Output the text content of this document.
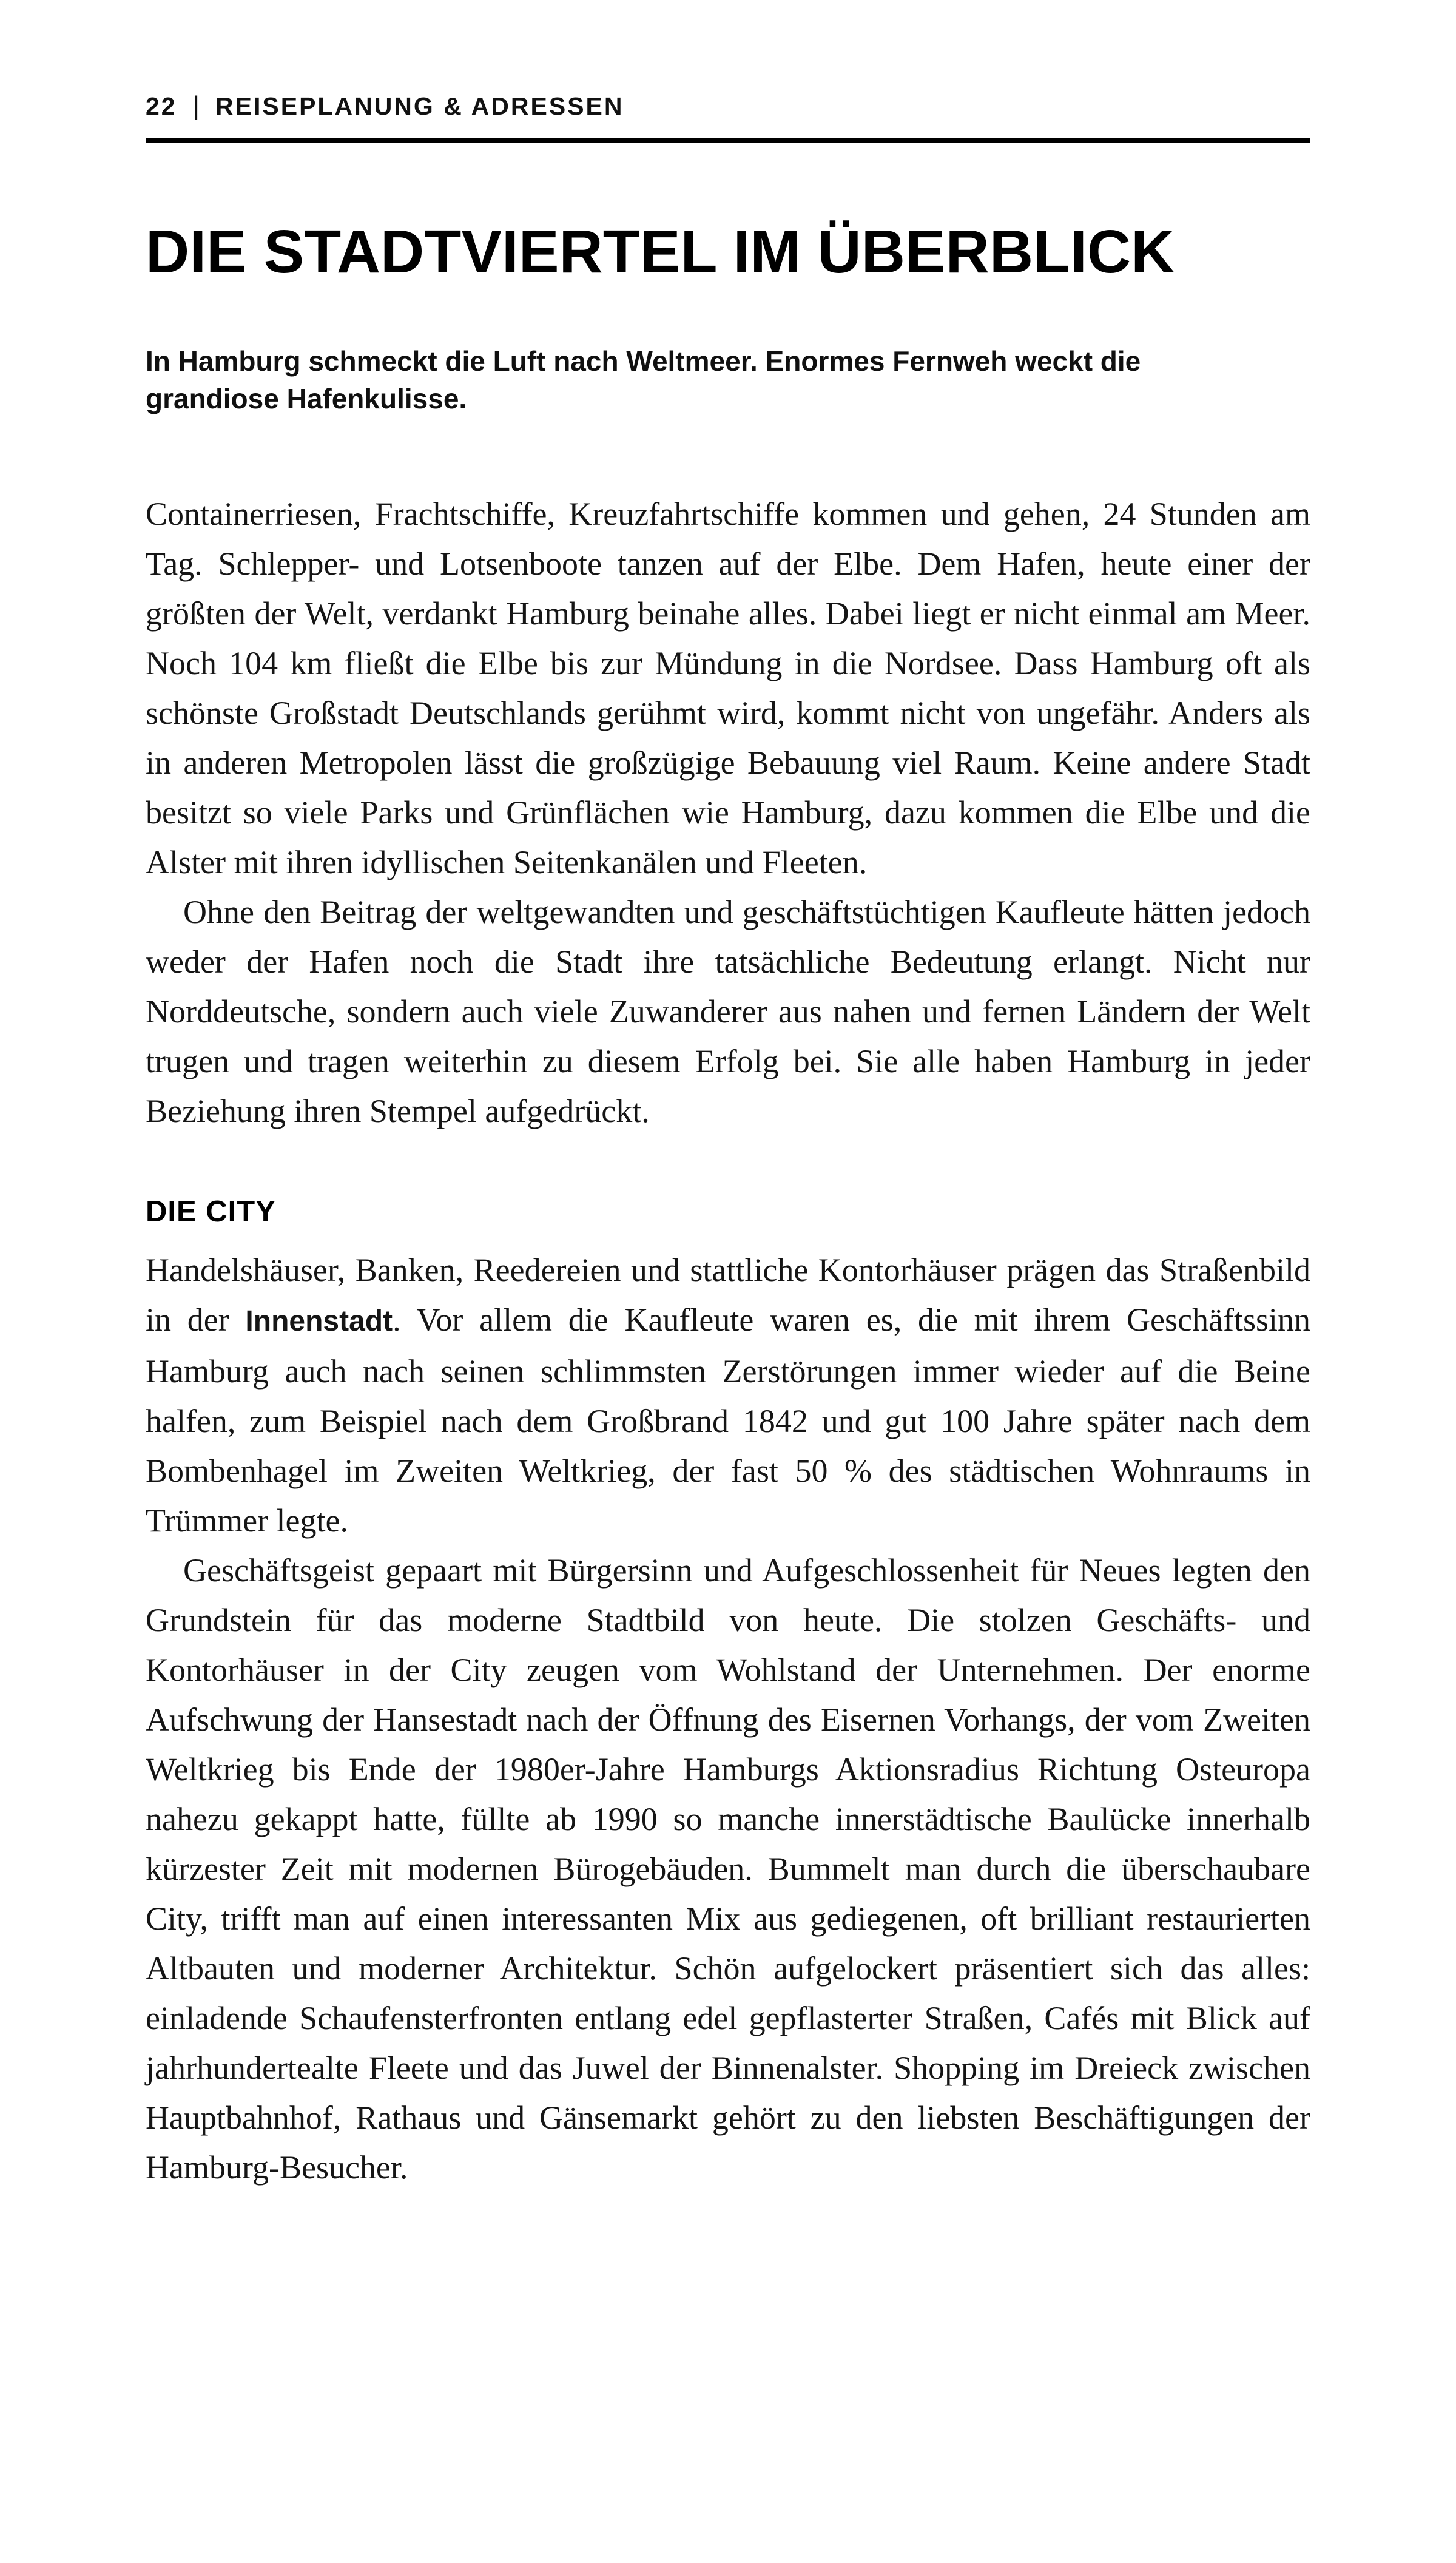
22 | REISEPLANUNG & ADRESSEN
DIE STADTVIERTEL IM ÜBERBLICK

In Hamburg schmeckt die Luft nach Weltmeer. Enormes Fernweh weckt die grandiose Hafenkulisse.

Containerriesen, Frachtschiffe, Kreuzfahrtschiffe kommen und gehen, 24 Stunden am Tag. Schlepper- und Lotsenboote tanzen auf der Elbe. Dem Hafen, heute einer der größten der Welt, verdankt Hamburg beinahe alles. Dabei liegt er nicht einmal am Meer. Noch 104 km fließt die Elbe bis zur Mündung in die Nordsee. Dass Hamburg oft als schönste Großstadt Deutschlands gerühmt wird, kommt nicht von ungefähr. Anders als in anderen Metropolen lässt die großzügige Bebauung viel Raum. Keine andere Stadt besitzt so viele Parks und Grünflächen wie Hamburg, dazu kommen die Elbe und die Alster mit ihren idyllischen Seitenkanälen und Fleeten.

Ohne den Beitrag der weltgewandten und geschäftstüchtigen Kaufleute hätten jedoch weder der Hafen noch die Stadt ihre tatsächliche Bedeutung erlangt. Nicht nur Norddeutsche, sondern auch viele Zuwanderer aus nahen und fernen Ländern der Welt trugen und tragen weiterhin zu diesem Erfolg bei. Sie alle haben Hamburg in jeder Beziehung ihren Stempel aufgedrückt.

DIE CITY

Handelshäuser, Banken, Reedereien und stattliche Kontorhäuser prägen das Straßenbild in der Innenstadt. Vor allem die Kaufleute waren es, die mit ihrem Geschäftssinn Hamburg auch nach seinen schlimmsten Zerstörungen immer wieder auf die Beine halfen, zum Beispiel nach dem Großbrand 1842 und gut 100 Jahre später nach dem Bombenhagel im Zweiten Weltkrieg, der fast 50 % des städtischen Wohnraums in Trümmer legte.

Geschäftsgeist gepaart mit Bürgersinn und Aufgeschlossenheit für Neues legten den Grundstein für das moderne Stadtbild von heute. Die stolzen Geschäfts- und Kontorhäuser in der City zeugen vom Wohlstand der Unternehmen. Der enorme Aufschwung der Hansestadt nach der Öffnung des Eisernen Vorhangs, der vom Zweiten Weltkrieg bis Ende der 1980er-Jahre Hamburgs Aktionsradius Richtung Osteuropa nahezu gekappt hatte, füllte ab 1990 so manche innerstädtische Baulücke innerhalb kürzester Zeit mit modernen Bürogebäuden. Bummelt man durch die überschaubare City, trifft man auf einen interessanten Mix aus gediegenen, oft brilliant restaurierten Altbauten und moderner Architektur. Schön aufgelockert präsentiert sich das alles: einladende Schaufensterfronten entlang edel gepflasterter Straßen, Cafés mit Blick auf jahrhundertealte Fleete und das Juwel der Binnenalster. Shopping im Dreieck zwischen Hauptbahnhof, Rathaus und Gänsemarkt gehört zu den liebsten Beschäftigungen der Hamburg-Besucher.
